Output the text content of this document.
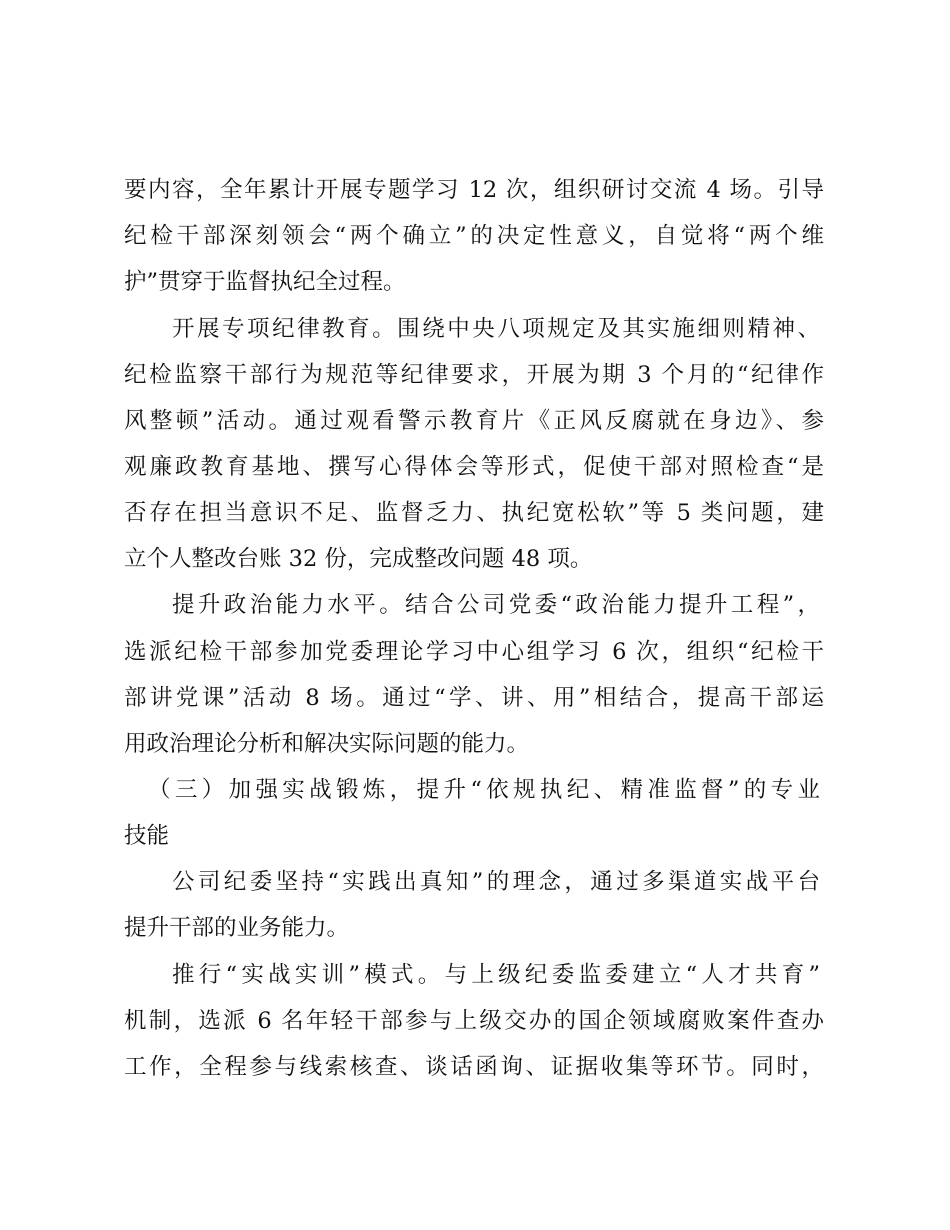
要内容，全年累计开展专题学习 12 次，组织研讨交流 4 场。引导
纪检干部深刻领会“两个确立”的决定性意义，自觉将“两个维
护”贯穿于监督执纪全过程。
开展专项纪律教育。围绕中央八项规定及其实施细则精神、
纪检监察干部行为规范等纪律要求，开展为期 3 个月的“纪律作
风整顿”活动。通过观看警示教育片《正风反腐就在身边》、参
观廉政教育基地、撰写心得体会等形式，促使干部对照检查“是
否存在担当意识不足、监督乏力、执纪宽松软”等 5 类问题，建
立个人整改台账 32 份，完成整改问题 48 项。
提升政治能力水平。结合公司党委“政治能力提升工程”，
选派纪检干部参加党委理论学习中心组学习 6 次，组织“纪检干
部讲党课”活动 8 场。通过“学、讲、用”相结合，提高干部运
用政治理论分析和解决实际问题的能力。
（三）加强实战锻炼，提升“依规执纪、精准监督”的专业
技能
公司纪委坚持“实践出真知”的理念，通过多渠道实战平台
提升干部的业务能力。
推行“实战实训”模式。与上级纪委监委建立“人才共育”
机制，选派 6 名年轻干部参与上级交办的国企领域腐败案件查办
工作，全程参与线索核查、谈话函询、证据收集等环节。同时，
